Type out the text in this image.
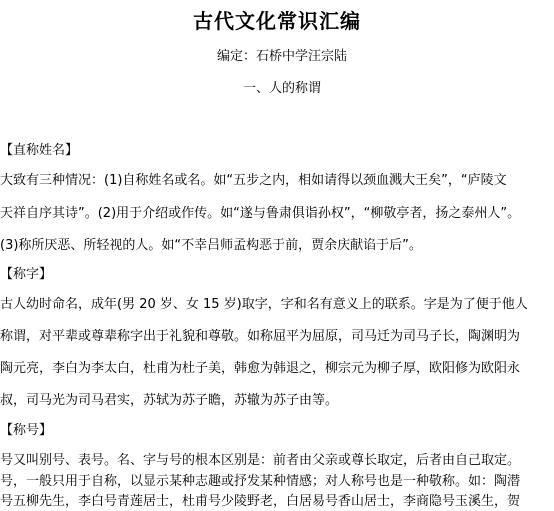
古代文化常识汇编
编定：石桥中学汪宗陆
一、人的称谓
【直称姓名】
大致有三种情况：(1)自称姓名或名。如“五步之内，相如请得以颈血溅大王矣”，“庐陵文
天祥自序其诗”。(2)用于介绍或作传。如“遂与鲁肃俱诣孙权”，“柳敬亭者，扬之泰州人”。
(3)称所厌恶、所轻视的人。如“不幸吕师孟构恶于前，贾余庆献谄于后”。
【称字】
古人幼时命名，成年(男 20 岁、女 15 岁)取字，字和名有意义上的联系。字是为了便于他人
称谓，对平辈或尊辈称字出于礼貌和尊敬。如称屈平为屈原，司马迁为司马子长，陶渊明为
陶元亮，李白为李太白，杜甫为杜子美，韩愈为韩退之，柳宗元为柳子厚，欧阳修为欧阳永
叔，司马光为司马君实，苏轼为苏子瞻，苏辙为苏子由等。
【称号】
号又叫别号、表号。名、字与号的根本区别是：前者由父亲或尊长取定，后者由自己取定。
号，一般只用于自称，以显示某种志趣或抒发某种情感；对人称号也是一种敬称。如：陶潜
号五柳先生，李白号青莲居士，杜甫号少陵野老，白居易号香山居士，李商隐号玉溪生，贺
